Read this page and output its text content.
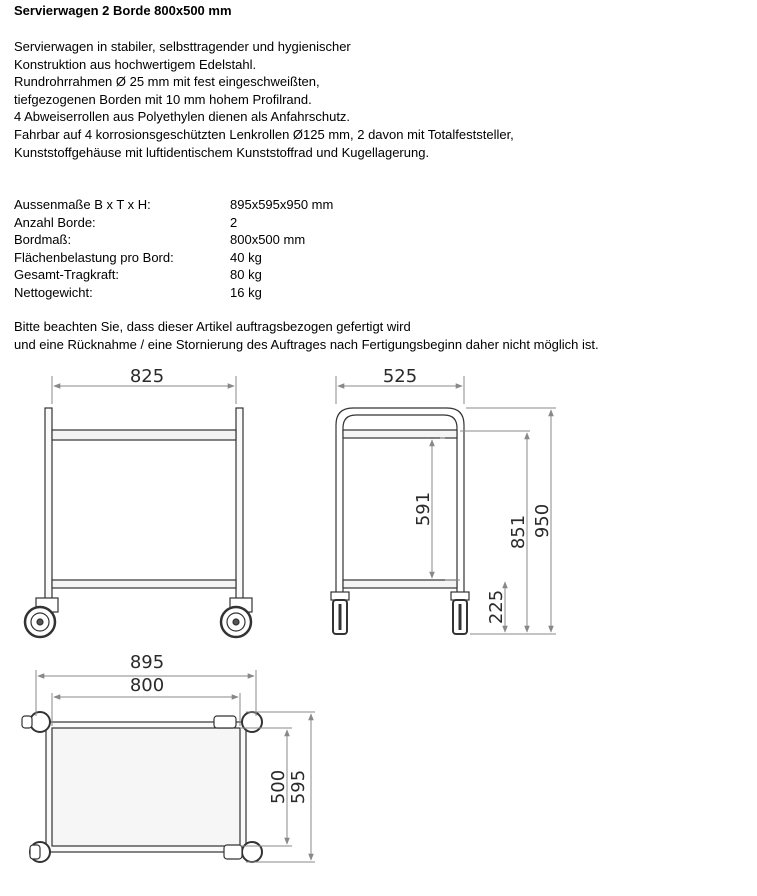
Servierwagen 2 Borde 800x500 mm
Servierwagen in stabiler, selbsttragender und hygienischer
Konstruktion aus hochwertigem Edelstahl.
Rundrohrrahmen Ø 25 mm mit fest eingeschweißten,
tiefgezogenen Borden mit 10 mm hohem Profilrand.
4 Abweiserrollen aus Polyethylen dienen als Anfahrschutz.
Fahrbar auf 4 korrosionsgeschützten Lenkrollen Ø125 mm, 2 davon mit Totalfeststeller,
Kunststoffgehäuse mit luftidentischem Kunststoffrad und Kugellagerung.
Aussenmaße B x T x H:	895x595x950 mm
Anzahl Borde:	2
Bordmaß:	800x500 mm
Flächenbelastung pro Bord:	40 kg
Gesamt-Tragkraft:	80 kg
Nettogewicht:	16 kg
Bitte beachten Sie, dass dieser Artikel auftragsbezogen gefertigt wird
und eine Rücknahme / eine Stornierung des Auftrages nach Fertigungsbeginn daher nicht möglich ist.
825	525
591
225
851 950
895
800
500 595
